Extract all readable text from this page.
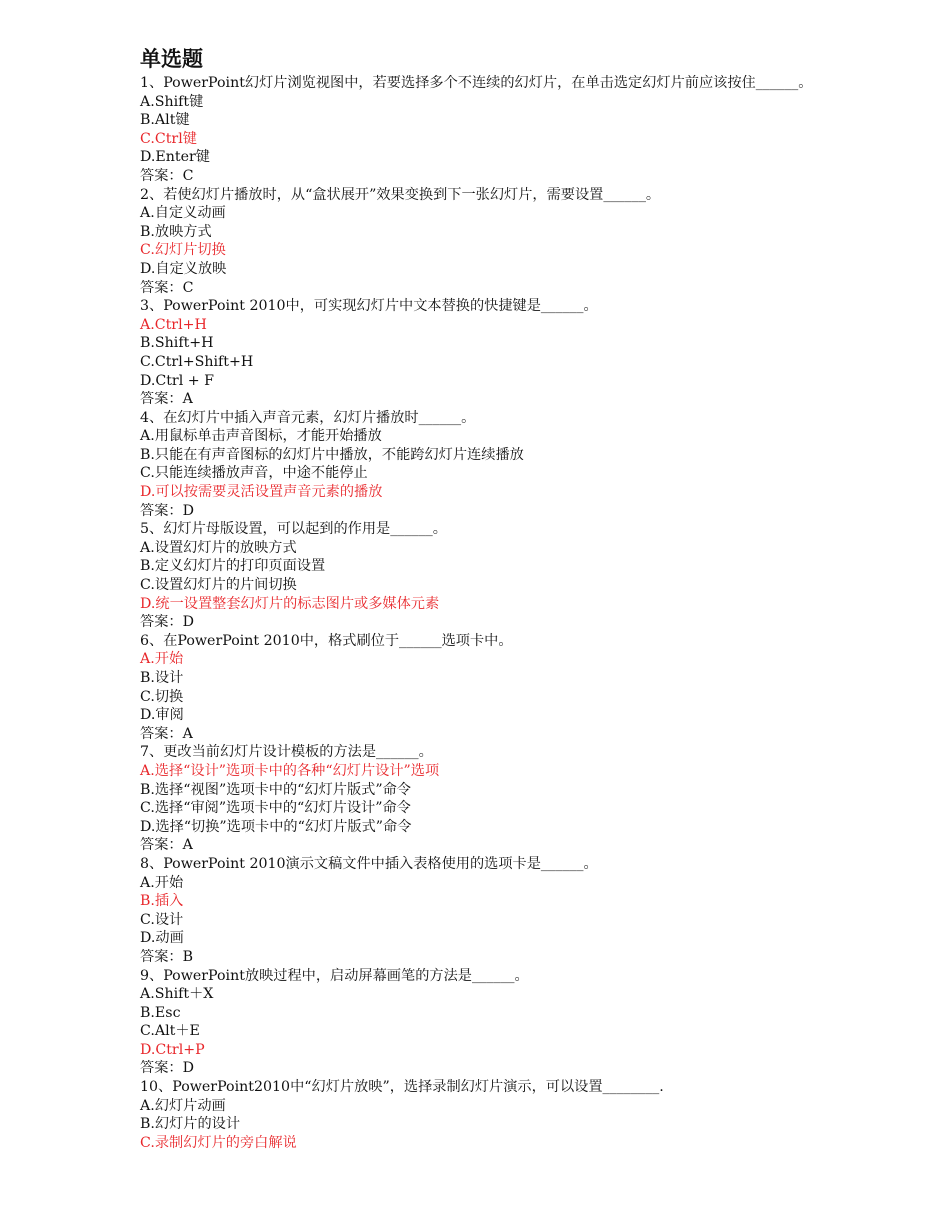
单选题
1、PowerPoint幻灯片浏览视图中，若要选择多个不连续的幻灯片，在单击选定幻灯片前应该按住______。
A.Shift键
B.Alt键
C.Ctrl键
D.Enter键
答案：C
2、若使幻灯片播放时，从“盒状展开”效果变换到下一张幻灯片，需要设置______。
A.自定义动画
B.放映方式
C.幻灯片切换
D.自定义放映
答案：C
3、PowerPoint 2010中，可实现幻灯片中文本替换的快捷键是______。
A.Ctrl+H
B.Shift+H
C.Ctrl+Shift+H
D.Ctrl + F
答案：A
4、在幻灯片中插入声音元素，幻灯片播放时______。
A.用鼠标单击声音图标，才能开始播放
B.只能在有声音图标的幻灯片中播放，不能跨幻灯片连续播放
C.只能连续播放声音，中途不能停止
D.可以按需要灵活设置声音元素的播放
答案：D
5、幻灯片母版设置，可以起到的作用是______。
A.设置幻灯片的放映方式
B.定义幻灯片的打印页面设置
C.设置幻灯片的片间切换
D.统一设置整套幻灯片的标志图片或多媒体元素
答案：D
6、在PowerPoint 2010中，格式刷位于______选项卡中。
A.开始
B.设计
C.切换
D.审阅
答案：A
7、更改当前幻灯片设计模板的方法是______。
A.选择“设计”选项卡中的各种“幻灯片设计”选项
B.选择“视图”选项卡中的“幻灯片版式”命令
C.选择“审阅”选项卡中的“幻灯片设计”命令
D.选择“切换”选项卡中的“幻灯片版式”命令
答案：A
8、PowerPoint 2010演示文稿文件中插入表格使用的选项卡是______。
A.开始
B.插入
C.设计
D.动画
答案：B
9、PowerPoint放映过程中，启动屏幕画笔的方法是______。
A.Shift＋X
B.Esc
C.Alt＋E
D.Ctrl+P
答案：D
10、PowerPoint2010中“幻灯片放映”，选择录制幻灯片演示，可以设置________.
A.幻灯片动画
B.幻灯片的设计
C.录制幻灯片的旁白解说
